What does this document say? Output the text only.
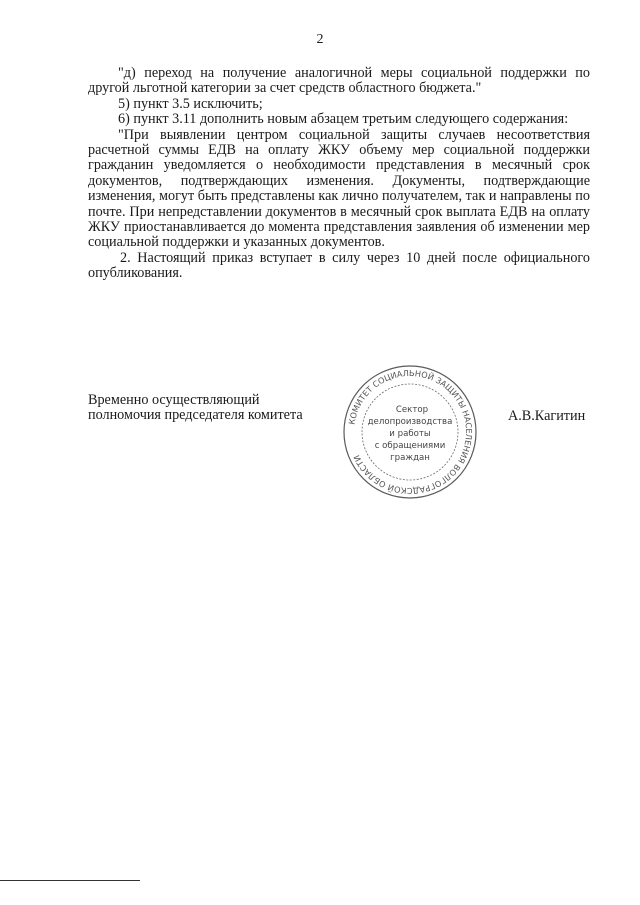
2

"д) переход на получение аналогичной меры социальной поддержки по другой льготной категории за счет средств областного бюджета."

5) пункт 3.5 исключить;

6) пункт 3.11 дополнить новым абзацем третьим следующего содержания:

"При выявлении центром социальной защиты случаев несоответствия расчетной суммы ЕДВ на оплату ЖКУ объему мер социальной поддержки гражданин уведомляется о необходимости представления в месячный срок документов, подтверждающих изменения. Документы, подтверждающие изменения, могут быть представлены как лично получателем, так и направлены по почте. При непредставлении документов в месячный срок выплата ЕДВ на оплату ЖКУ приостанавливается до момента представления заявления об изменении мер социальной поддержки и указанных документов.

2. Настоящий приказ вступает в силу через 10 дней после официального опубликования.

Временно осуществляющий
полномочия председателя комитета	А.В.Кагитин
КОМИТЕТ СОЦИАЛЬНОЙ ЗАЩИТЫ НАСЕЛЕНИЯ ВОЛГОГРАДСКОЙ ОБЛАСТИ
Сектор
делопроизводства
и работы
с обращениями
граждан
